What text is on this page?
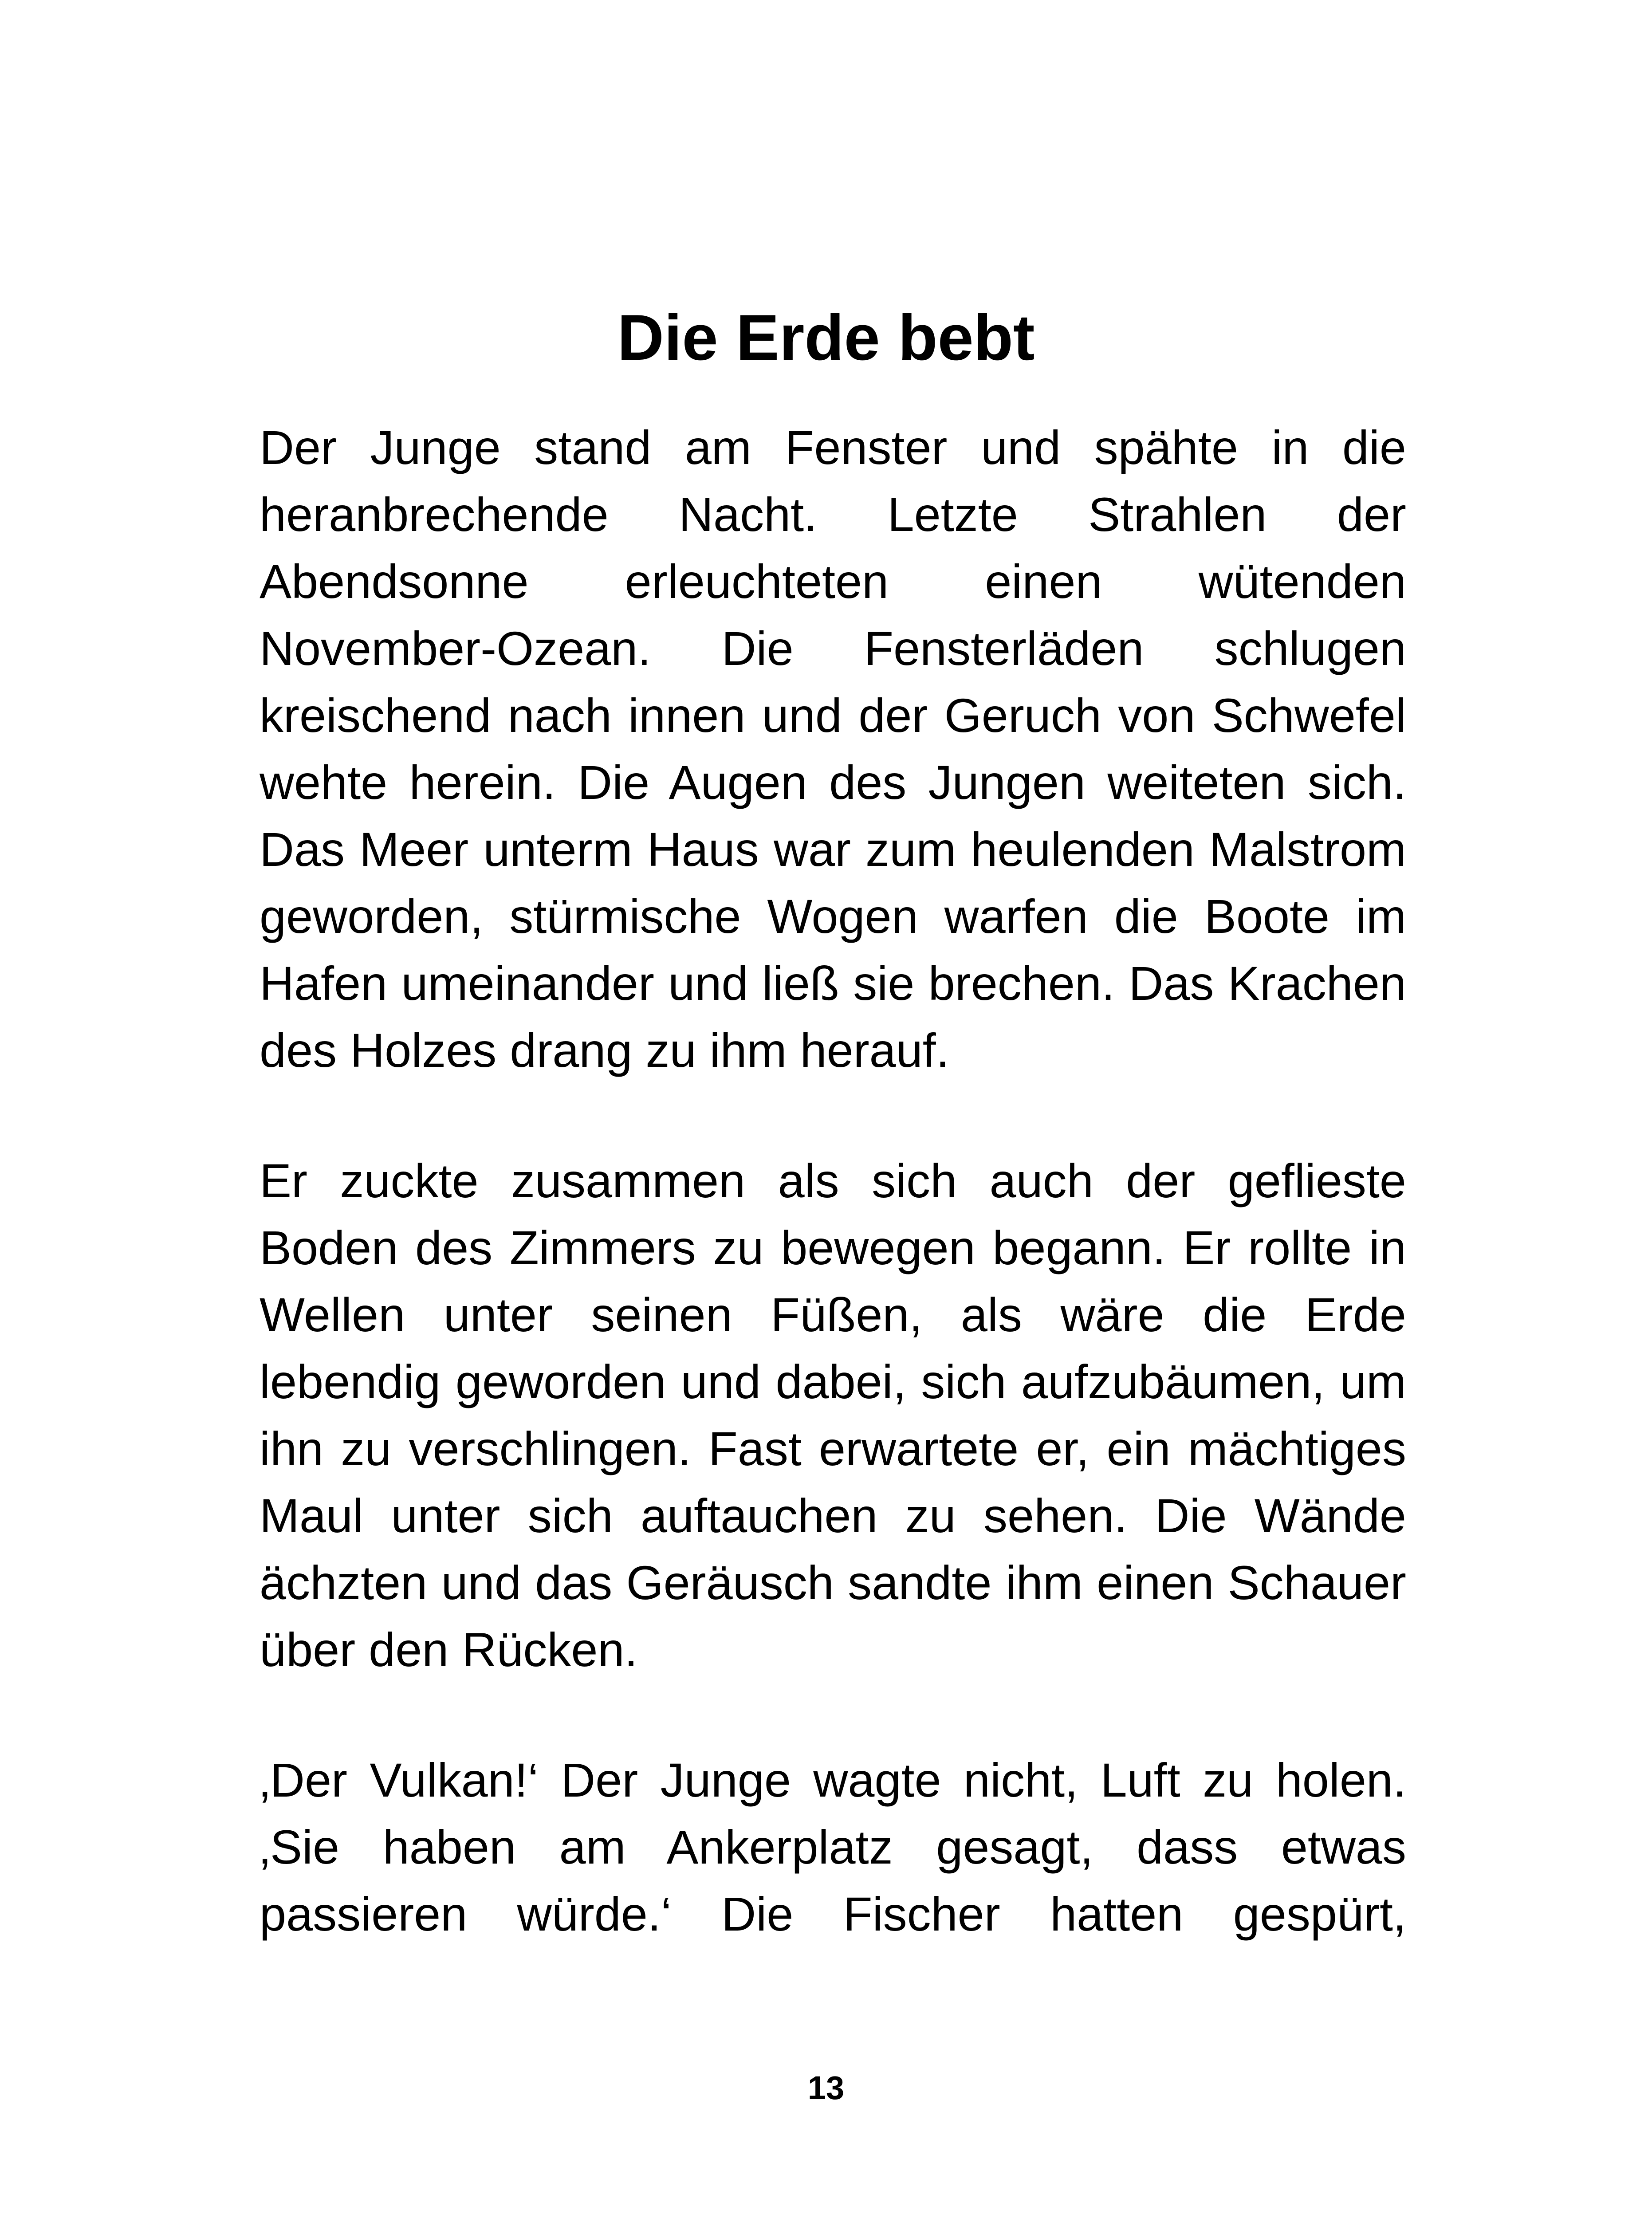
Die Erde bebt

Der Junge stand am Fenster und spähte in die heranbrechende Nacht. Letzte Strahlen der Abendsonne erleuchteten einen wütenden November-Ozean. Die Fensterläden schlugen kreischend nach innen und der Geruch von Schwefel wehte herein. Die Augen des Jungen weiteten sich. Das Meer unterm Haus war zum heulenden Malstrom geworden, stürmische Wogen warfen die Boote im Hafen umeinander und ließ sie brechen. Das Krachen des Holzes drang zu ihm herauf.

Er zuckte zusammen als sich auch der geflieste Boden des Zimmers zu bewegen begann. Er rollte in Wellen unter seinen Füßen, als wäre die Erde lebendig geworden und dabei, sich aufzubäumen, um ihn zu verschlingen. Fast erwartete er, ein mächtiges Maul unter sich auftauchen zu sehen. Die Wände ächzten und das Geräusch sandte ihm einen Schauer über den Rücken.

‚Der Vulkan!‘ Der Junge wagte nicht, Luft zu holen. ‚Sie haben am Ankerplatz gesagt, dass etwas passieren würde.‘ Die Fischer hatten gespürt,

13
